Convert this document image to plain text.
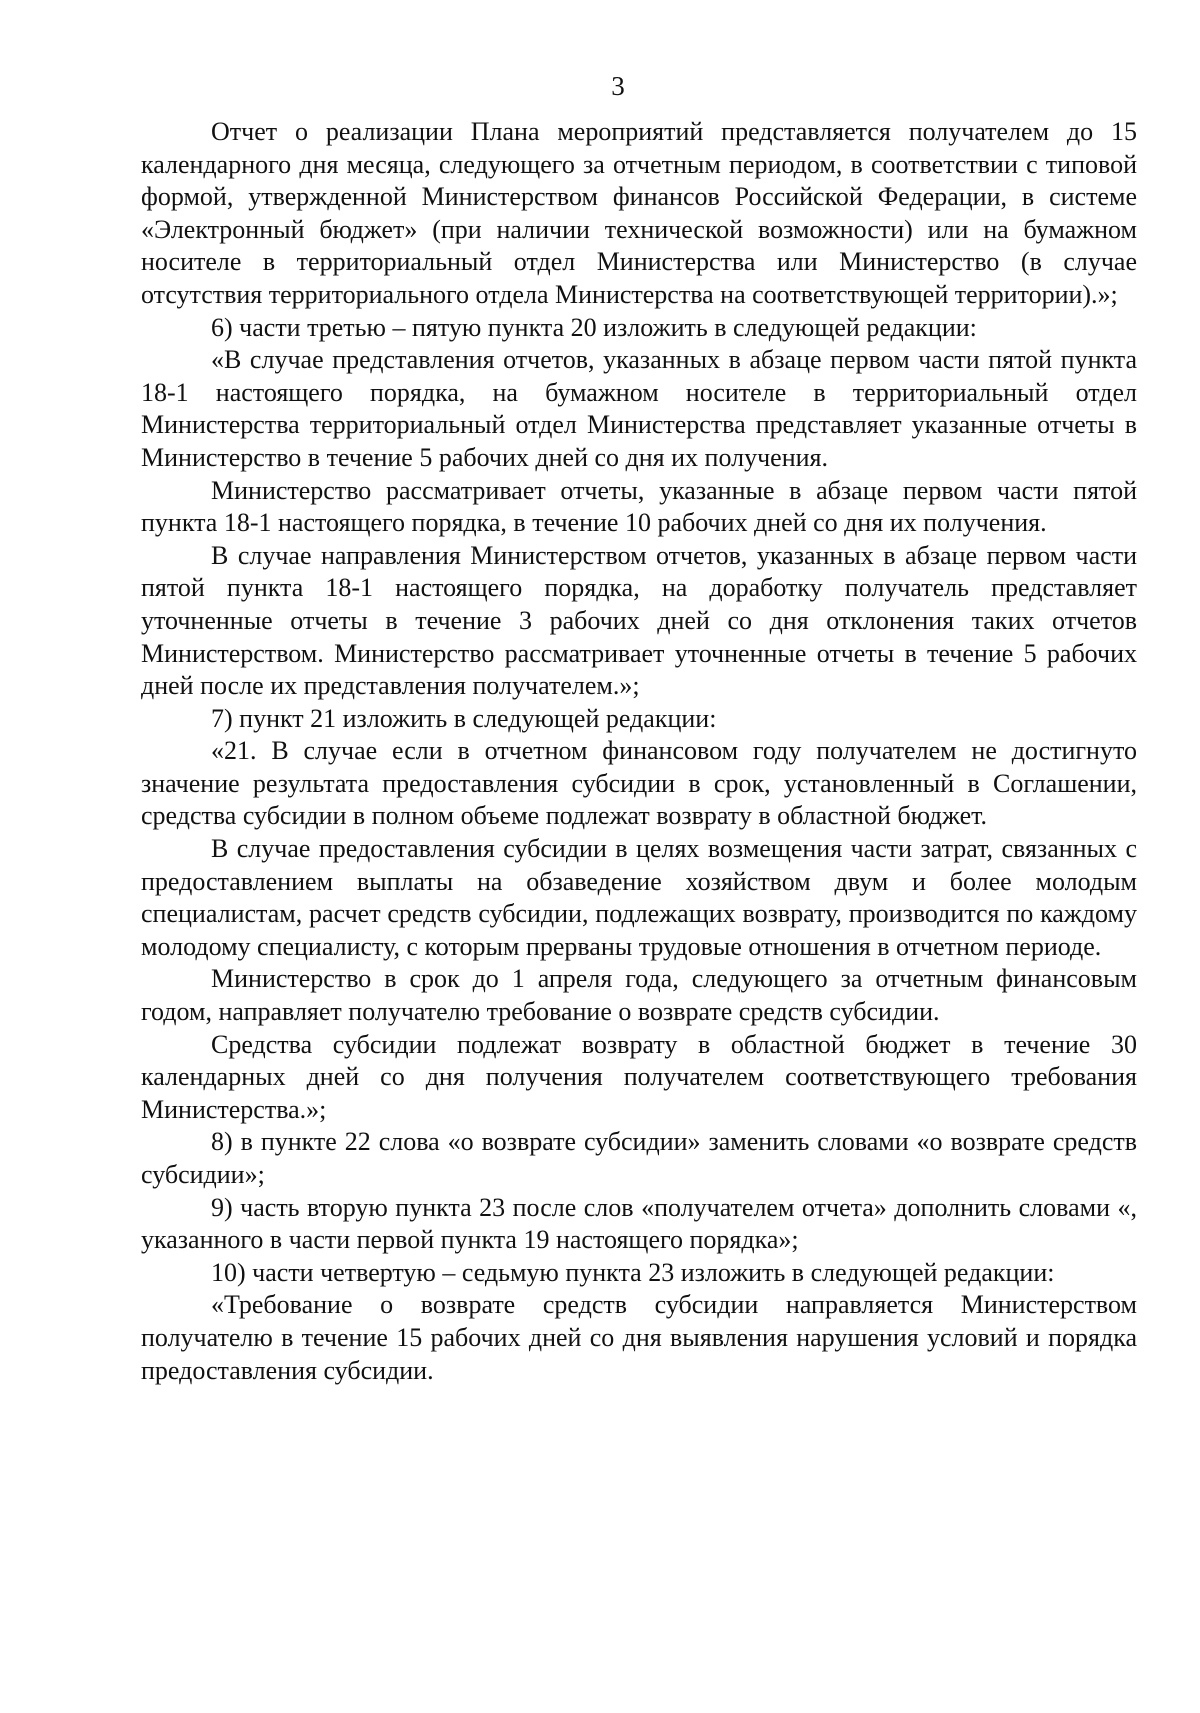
3

Отчет о реализации Плана мероприятий представляется получателем до 15 календарного дня месяца, следующего за отчетным периодом, в соответствии с типовой формой, утвержденной Министерством финансов Российской Федерации, в системе «Электронный бюджет» (при наличии технической возможности) или на бумажном носителе в территориальный отдел Министерства или Министерство (в случае отсутствия территориального отдела Министерства на соответствующей территории).»;

6) части третью – пятую пункта 20 изложить в следующей редакции:

«В случае представления отчетов, указанных в абзаце первом части пятой пункта 18-1 настоящего порядка, на бумажном носителе в территориальный отдел Министерства территориальный отдел Министерства представляет указанные отчеты в Министерство в течение 5 рабочих дней со дня их получения.

Министерство рассматривает отчеты, указанные в абзаце первом части пятой пункта 18-1 настоящего порядка, в течение 10 рабочих дней со дня их получения.

В случае направления Министерством отчетов, указанных в абзаце первом части пятой пункта 18-1 настоящего порядка, на доработку получатель представляет уточненные отчеты в течение 3 рабочих дней со дня отклонения таких отчетов Министерством. Министерство рассматривает уточненные отчеты в течение 5 рабочих дней после их представления получателем.»;

7) пункт 21 изложить в следующей редакции:

«21. В случае если в отчетном финансовом году получателем не достигнуто значение результата предоставления субсидии в срок, установленный в Соглашении, средства субсидии в полном объеме подлежат возврату в областной бюджет.

В случае предоставления субсидии в целях возмещения части затрат, связанных с предоставлением выплаты на обзаведение хозяйством двум и более молодым специалистам, расчет средств субсидии, подлежащих возврату, производится по каждому молодому специалисту, с которым прерваны трудовые отношения в отчетном периоде.

Министерство в срок до 1 апреля года, следующего за отчетным финансовым годом, направляет получателю требование о возврате средств субсидии.

Средства субсидии подлежат возврату в областной бюджет в течение 30 календарных дней со дня получения получателем соответствующего требования Министерства.»;

8) в пункте 22 слова «о возврате субсидии» заменить словами «о возврате средств субсидии»;

9) часть вторую пункта 23 после слов «получателем отчета» дополнить словами «, указанного в части первой пункта 19 настоящего порядка»;

10) части четвертую – седьмую пункта 23 изложить в следующей редакции:

«Требование о возврате средств субсидии направляется Министерством получателю в течение 15 рабочих дней со дня выявления нарушения условий и порядка предоставления субсидии.
